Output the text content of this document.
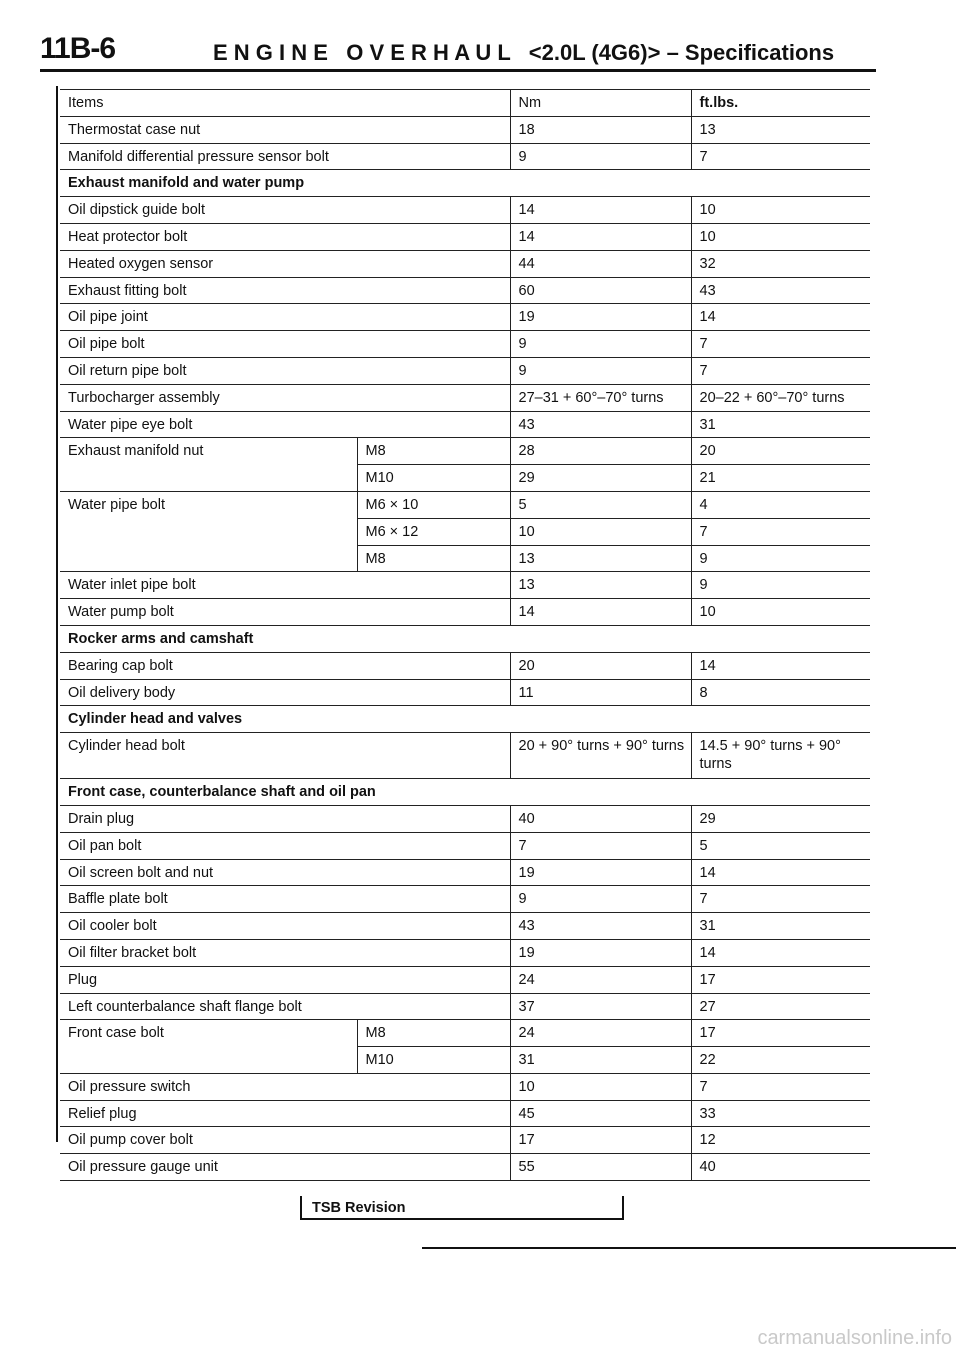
11B-6	E N G I N E   O V E R H A U L   <2.0L (4G6)> – Specifications
Items		Nm	ft.lbs.
Thermostat case nut		18	13
Manifold differential pressure sensor bolt		9	7
Exhaust manifold and water pump			
Oil dipstick guide bolt		14	10
Heat protector bolt		14	10
Heated oxygen sensor		44	32
Exhaust fitting bolt		60	43
Oil pipe joint		19	14
Oil pipe bolt		9	7
Oil return pipe bolt		9	7
Turbocharger assembly		27–31 + 60°–70° turns	20–22 + 60°–70° turns
Water pipe eye bolt		43	31
Exhaust manifold nut	M8	28	20
	M10	29	21
Water pipe bolt	M6 × 10	5	4
	M6 × 12	10	7
	M8	13	9
Water inlet pipe bolt		13	9
Water pump bolt		14	10
Rocker arms and camshaft			
Bearing cap bolt		20	14
Oil delivery body		11	8
Cylinder head and valves			
Cylinder head bolt		20 + 90° turns + 90° turns	14.5 + 90° turns + 90° turns
Front case, counterbalance shaft and oil pan			
Drain plug		40	29
Oil pan bolt		7	5
Oil screen bolt and nut		19	14
Baffle plate bolt		9	7
Oil cooler bolt		43	31
Oil filter bracket bolt		19	14
Plug		24	17
Left counterbalance shaft flange bolt		37	27
Front case bolt	M8	24	17
	M10	31	22
Oil pressure switch		10	7
Relief plug		45	33
Oil pump cover bolt		17	12
Oil pressure gauge unit		55	40
TSB Revision
carmanualsonline.info
